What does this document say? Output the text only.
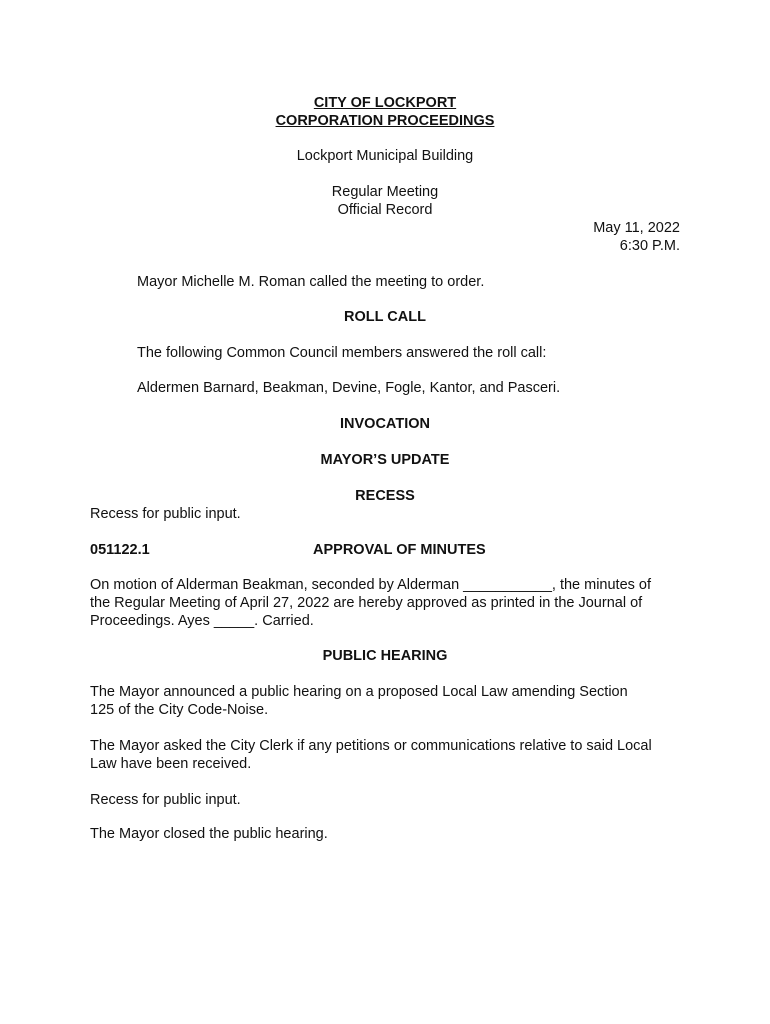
CITY OF LOCKPORT
CORPORATION PROCEEDINGS
Lockport Municipal Building
Regular Meeting
Official Record
May 11, 2022
6:30 P.M.
Mayor Michelle M. Roman called the meeting to order.
ROLL CALL
The following Common Council members answered the roll call:
Aldermen Barnard, Beakman, Devine, Fogle, Kantor, and Pasceri.
INVOCATION
MAYOR’S UPDATE
RECESS
Recess for public input.
051122.1	APPROVAL OF MINUTES
On motion of Alderman Beakman, seconded by Alderman ___________, the minutes of
the Regular Meeting of April 27, 2022 are hereby approved as printed in the Journal of
Proceedings. Ayes _____. Carried.
PUBLIC HEARING
The Mayor announced a public hearing on a proposed Local Law amending Section
125 of the City Code-Noise.
The Mayor asked the City Clerk if any petitions or communications relative to said Local
Law have been received.
Recess for public input.
The Mayor closed the public hearing.
